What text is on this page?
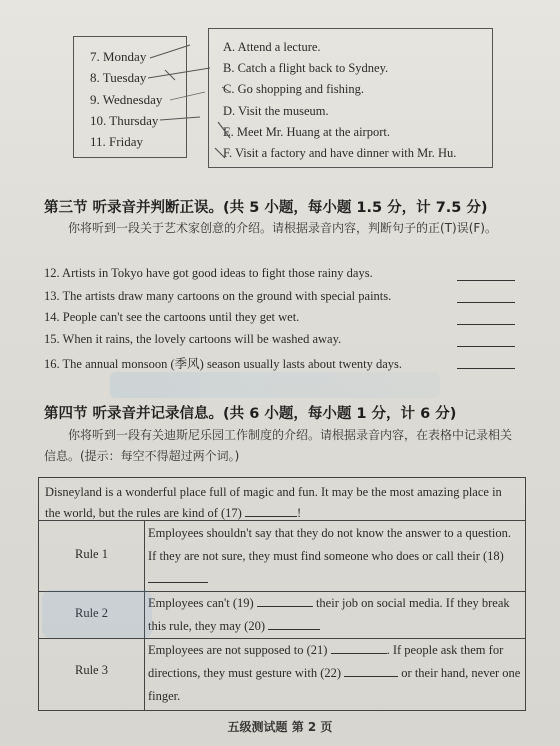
7. Monday
8. Tuesday
9. Wednesday
10. Thursday
11. Friday
A. Attend a lecture.
B. Catch a flight back to Sydney.
C. Go shopping and fishing.
D. Visit the museum.
E. Meet Mr. Huang at the airport.
F. Visit a factory and have dinner with Mr. Hu.
第三节 听录音并判断正误。(共 5 小题，每小题 1.5 分，计 7.5 分)
你将听到一段关于艺术家创意的介绍。请根据录音内容，判断句子的正(T)误(F)。
12. Artists in Tokyo have got good ideas to fight those rainy days.
13. The artists draw many cartoons on the ground with special paints.
14. People can't see the cartoons until they get wet.
15. When it rains, the lovely cartoons will be washed away.
16. The annual monsoon (季风) season usually lasts about twenty days.
第四节 听录音并记录信息。(共 6 小题，每小题 1 分，计 6 分)
你将听到一段有关迪斯尼乐园工作制度的介绍。请根据录音内容，在表格中记录相关信息。(提示：每空不得超过两个词。)
Disneyland is a wonderful place full of magic and fun. It may be the most amazing place in the world, but the rules are kind of (17)	!
Rule 1
Employees shouldn't say that they do not know the answer to a question. If they are not sure, they must find someone who does or call their (18)
Rule 2
Employees can't (19)	their job on social media. If they break this rule, they may (20)
Rule 3
Employees are not supposed to (21)	. If people ask them for directions, they must gesture with (22)	or their hand, never one finger.
五级测试题 第 2 页
